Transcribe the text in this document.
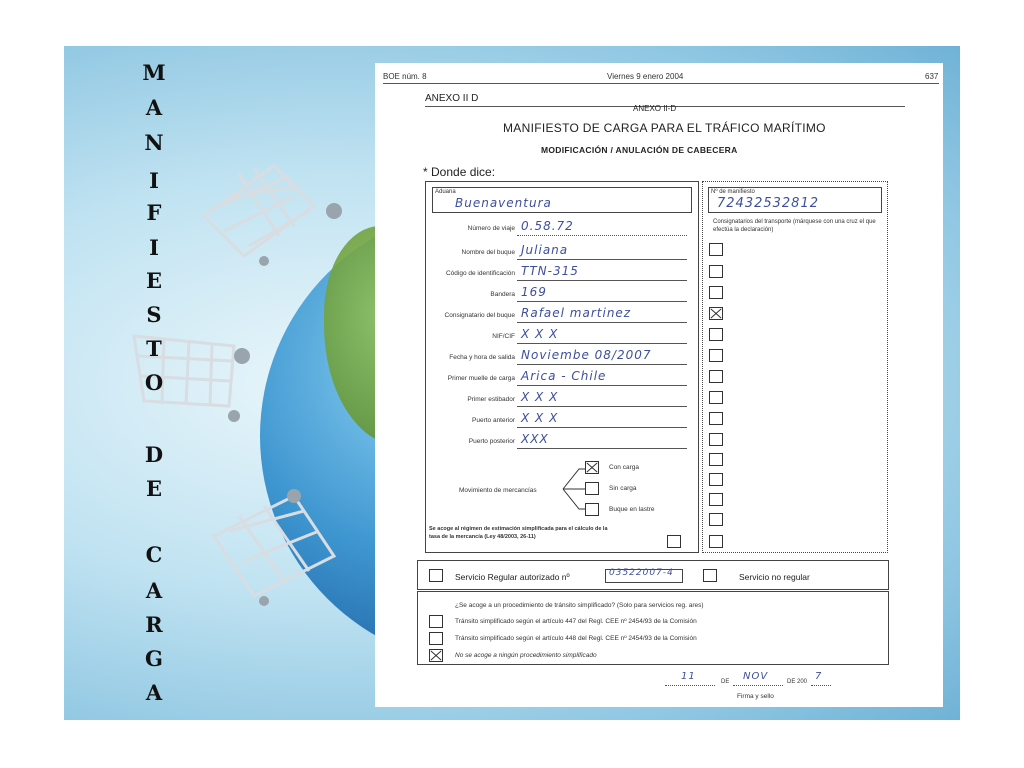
M
A
N
I
F
I
E
S
T
O
D
E
C
A
R
G
A
BOE núm. 8	Viernes 9 enero 2004	637
ANEXO II D
ANEXO II-D
MANIFIESTO DE CARGA PARA EL TRÁFICO MARÍTIMO
MODIFICACIÓN / ANULACIÓN DE CABECERA
* Donde dice:
Aduana
Buenaventura
Nº de manifiesto
72432532812
Consignatarios del transporte (márquese con una cruz el que efectúa la declaración)
Número de viaje 0.58.72
Nombre del buque Juliana
Código de identificación TTN-315
Bandera 169
Consignatario del buque Rafael martinez
NIF/CIF X X X
Fecha y hora de salida Noviembe 08/2007
Primer muelle de carga Arica - Chile
Primer estibador X X X
Puerto anterior X X X
Puerto posterior XXX
Movimiento de mercancías
Con carga
Sin carga
Buque en lastre
Se acoge al régimen de estimación simplificada para el cálculo de la tasa de la mercancía (Ley 48/2003, 26-11)
Servicio Regular autorizado nº	03522007-4	Servicio no regular
¿Se acoge a un procedimiento de tránsito simplificado? (Solo para servicios reg. ares)
Tránsito simplificado según el artículo 447 del Regl. CEE nº 2454/93 de la Comisión
Tránsito simplificado según el artículo 448 del Regl. CEE nº 2454/93 de la Comisión
No se acoge a ningún procedimiento simplificado
11	DE NOV	DE 200 7
Firma y sello
